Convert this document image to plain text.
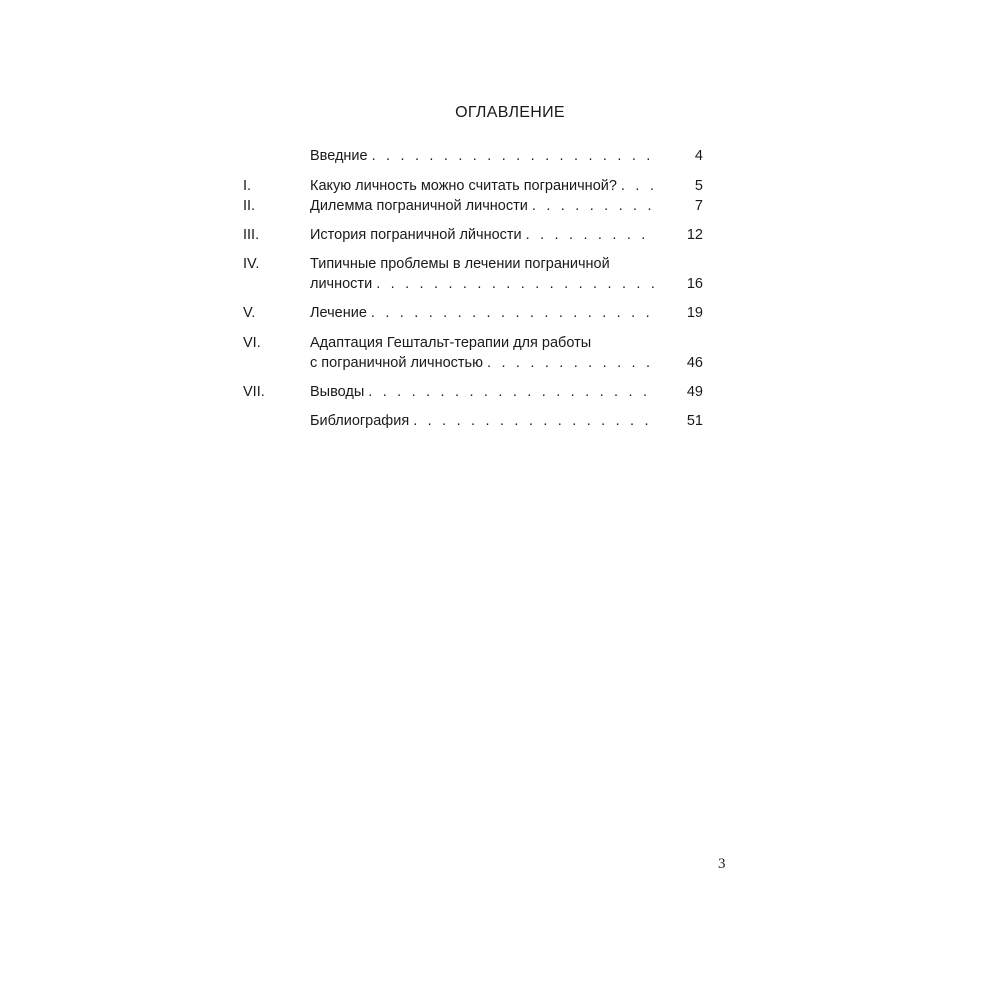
ОГЛАВЛЕНИЕ
Введние . . .	4
I.	Какую личность можно считать пограничной? . . .	5
II.	Дилемма пограничной личности . . .	7
III.	История пограничной лйчности . . .	12
IV.	Типичные проблемы в лечении пограничной
личности . . .	16
V.	Лечение . . .	19
VI.	Адаптация Гештальт-терапии для работы
с пограничной личностью . . .	46
VII.	Выводы . . .	49
Библиография . . .	51
3
